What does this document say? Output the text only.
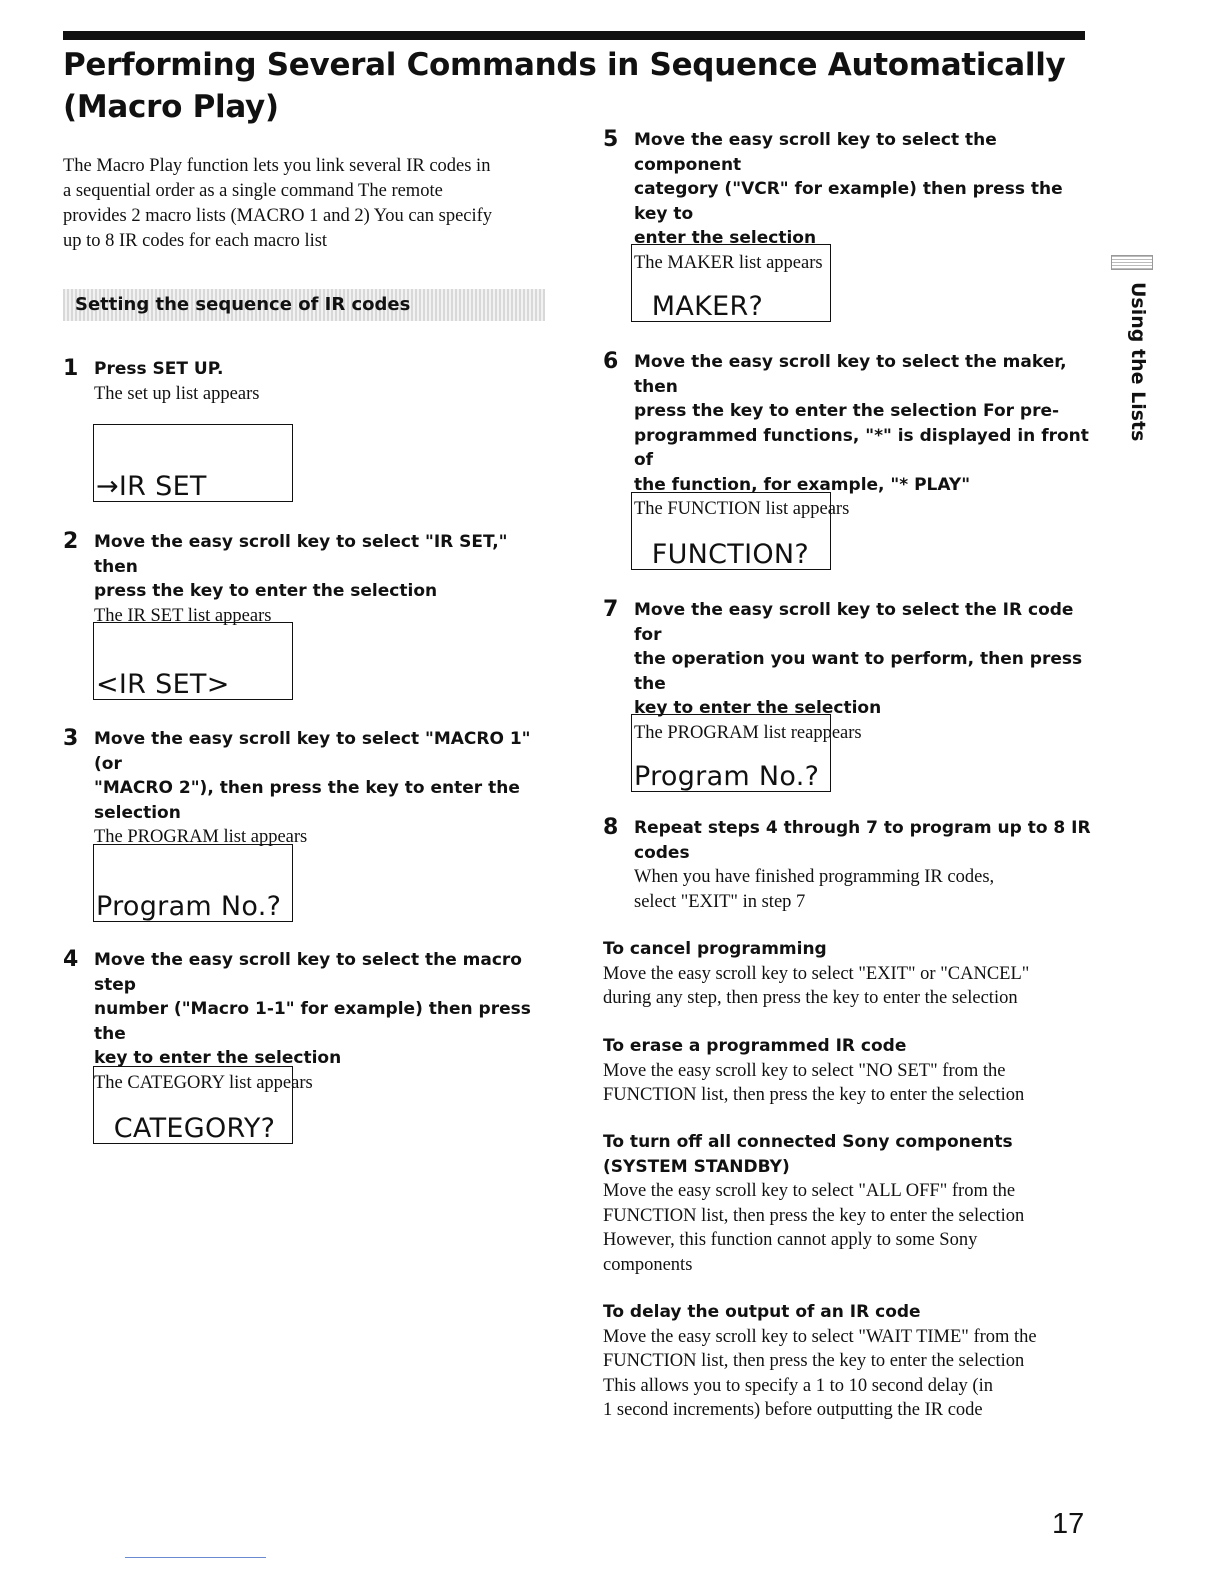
Performing Several Commands in Sequence Automatically
(Macro Play)

The Macro Play function lets you link several IR codes in
a sequential order as a single command The remote
provides 2 macro lists (MACRO 1 and 2) You can specify
up to 8 IR codes for each macro list

Setting the sequence of IR codes
1 Press SET UP.

The set up list appears

→IR SET

2 Move the easy scroll key to select "IR SET," then
press the key to enter the selection

The IR SET list appears

<IR SET>

3 Move the easy scroll key to select "MACRO 1" (or
"MACRO 2"), then press the key to enter the
selection

The PROGRAM list appears

Program No.?

4 Move the easy scroll key to select the macro step
number ("Macro 1-1" for example) then press the
key to enter the selection

The CATEGORY list appears

CATEGORY?

5 Move the easy scroll key to select the component
category ("VCR" for example) then press the key to
enter the selection

The MAKER list appears

MAKER?

6 Move the easy scroll key to select the maker, then
press the key to enter the selection For pre-
programmed functions, "*" is displayed in front of
the function, for example, "* PLAY"

The FUNCTION list appears

FUNCTION?

7 Move the easy scroll key to select the IR code for
the operation you want to perform, then press the
key to enter the selection

The PROGRAM list reappears

Program No.?

8 Repeat steps 4 through 7 to program up to 8 IR
codes

When you have finished programming IR codes,
select "EXIT" in step 7

To cancel programming

Move the easy scroll key to select "EXIT" or "CANCEL"
during any step, then press the key to enter the selection

To erase a programmed IR code

Move the easy scroll key to select "NO SET" from the
FUNCTION list, then press the key to enter the selection

To turn off all connected Sony components
(SYSTEM STANDBY)

Move the easy scroll key to select "ALL OFF" from the
FUNCTION list, then press the key to enter the selection
However, this function cannot apply to some Sony
components

To delay the output of an IR code

Move the easy scroll key to select "WAIT TIME" from the
FUNCTION list, then press the key to enter the selection
This allows you to specify a 1 to 10 second delay (in
1 second increments) before outputting the IR code

Using the Lists
17
